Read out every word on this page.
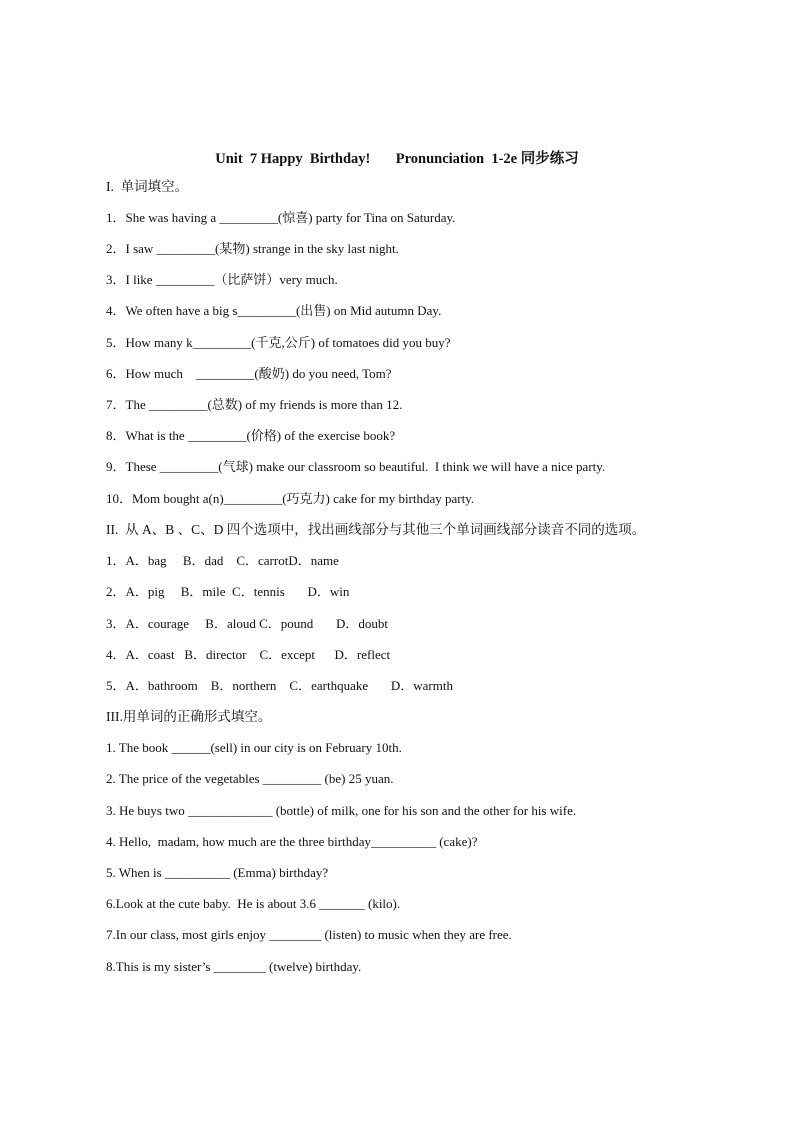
Unit  7 Happy  Birthday!       Pronunciation  1-2e 同步练习
I.  单词填空。
1．She was having a _________(惊喜) party for Tina on Saturday.
2．I saw _________(某物) strange in the sky last night.
3．I like _________（比萨饼）very much.
4．We often have a big s_________(出售) on Mid autumn Day.
5．How many k_________(千克,公斤) of tomatoes did you buy?
6．How much    _________(酸奶) do you need, Tom?
7．The _________(总数) of my friends is more than 12.
8．What is the _________(价格) of the exercise book?
9．These _________(气球) make our classroom so beautiful.  I think we will have a nice party.
10．Mom bought a(n)_________(巧克力) cake for my birthday party.
II.  从 A、B 、C、D 四个选项中，找出画线部分与其他三个单词画线部分读音不同的选项。
1．A．bag     B．dad    C．carrotD．name
2．A．pig     B．mile  C．tennis       D．win
3．A．courage     B．aloud C．pound       D．doubt
4．A．coast   B．director    C．except      D．reflect
5．A．bathroom    B．northern    C．earthquake       D．warmth
III.用单词的正确形式填空。
1. The book ______(sell) in our city is on February 10th.
2. The price of the vegetables _________ (be) 25 yuan.
3. He buys two _____________ (bottle) of milk, one for his son and the other for his wife.
4. Hello,  madam, how much are the three birthday__________ (cake)?
5. When is __________ (Emma) birthday?
6.Look at the cute baby.  He is about 3.6 _______ (kilo).
7.In our class, most girls enjoy ________ (listen) to music when they are free.
8.This is my sister’s ________ (twelve) birthday.
